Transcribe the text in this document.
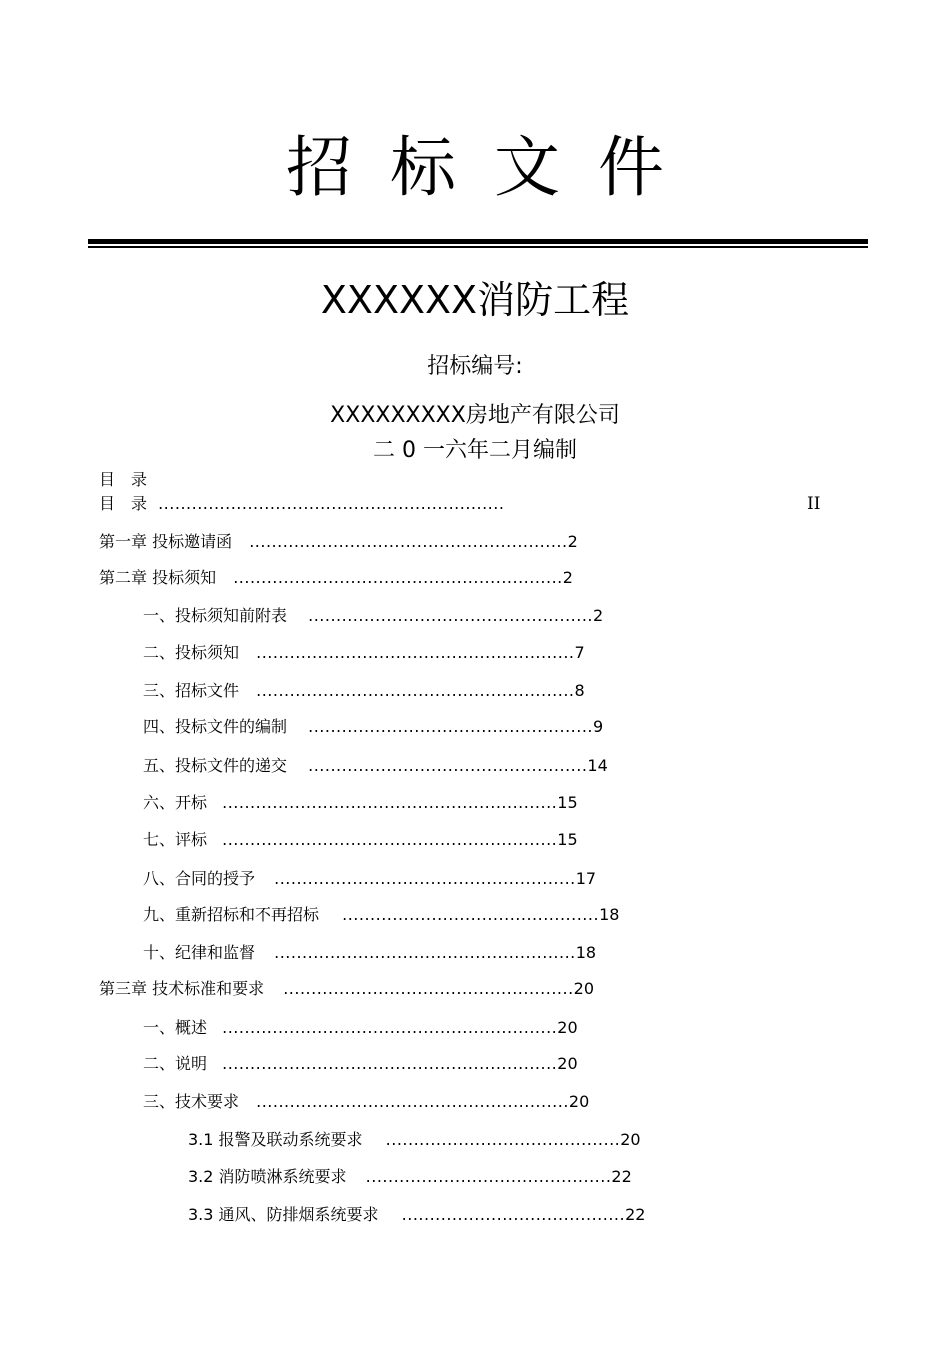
招标文件
XXXXXX消防工程
招标编号:
XXXXXXXXX房地产有限公司
二 0 一六年二月编制
目 录
目 录 ..............................................................	II
第一章 投标邀请函 .........................................................2
第二章 投标须知 ...........................................................2
一、投标须知前附表 ...................................................2
二、投标须知 .........................................................7
三、招标文件 .........................................................8
四、投标文件的编制 ...................................................9
五、投标文件的递交 ..................................................14
六、开标 ............................................................15
七、评标 ............................................................15
八、合同的授予 ......................................................17
九、重新招标和不再招标 ..............................................18
十、纪律和监督 ......................................................18
第三章 技术标准和要求 ....................................................20
一、概述 ............................................................20
二、说明 ............................................................20
三、技术要求 ........................................................20
3.1 报警及联动系统要求 ..........................................20
3.2 消防喷淋系统要求 ............................................22
3.3 通风、防排烟系统要求 ........................................22
